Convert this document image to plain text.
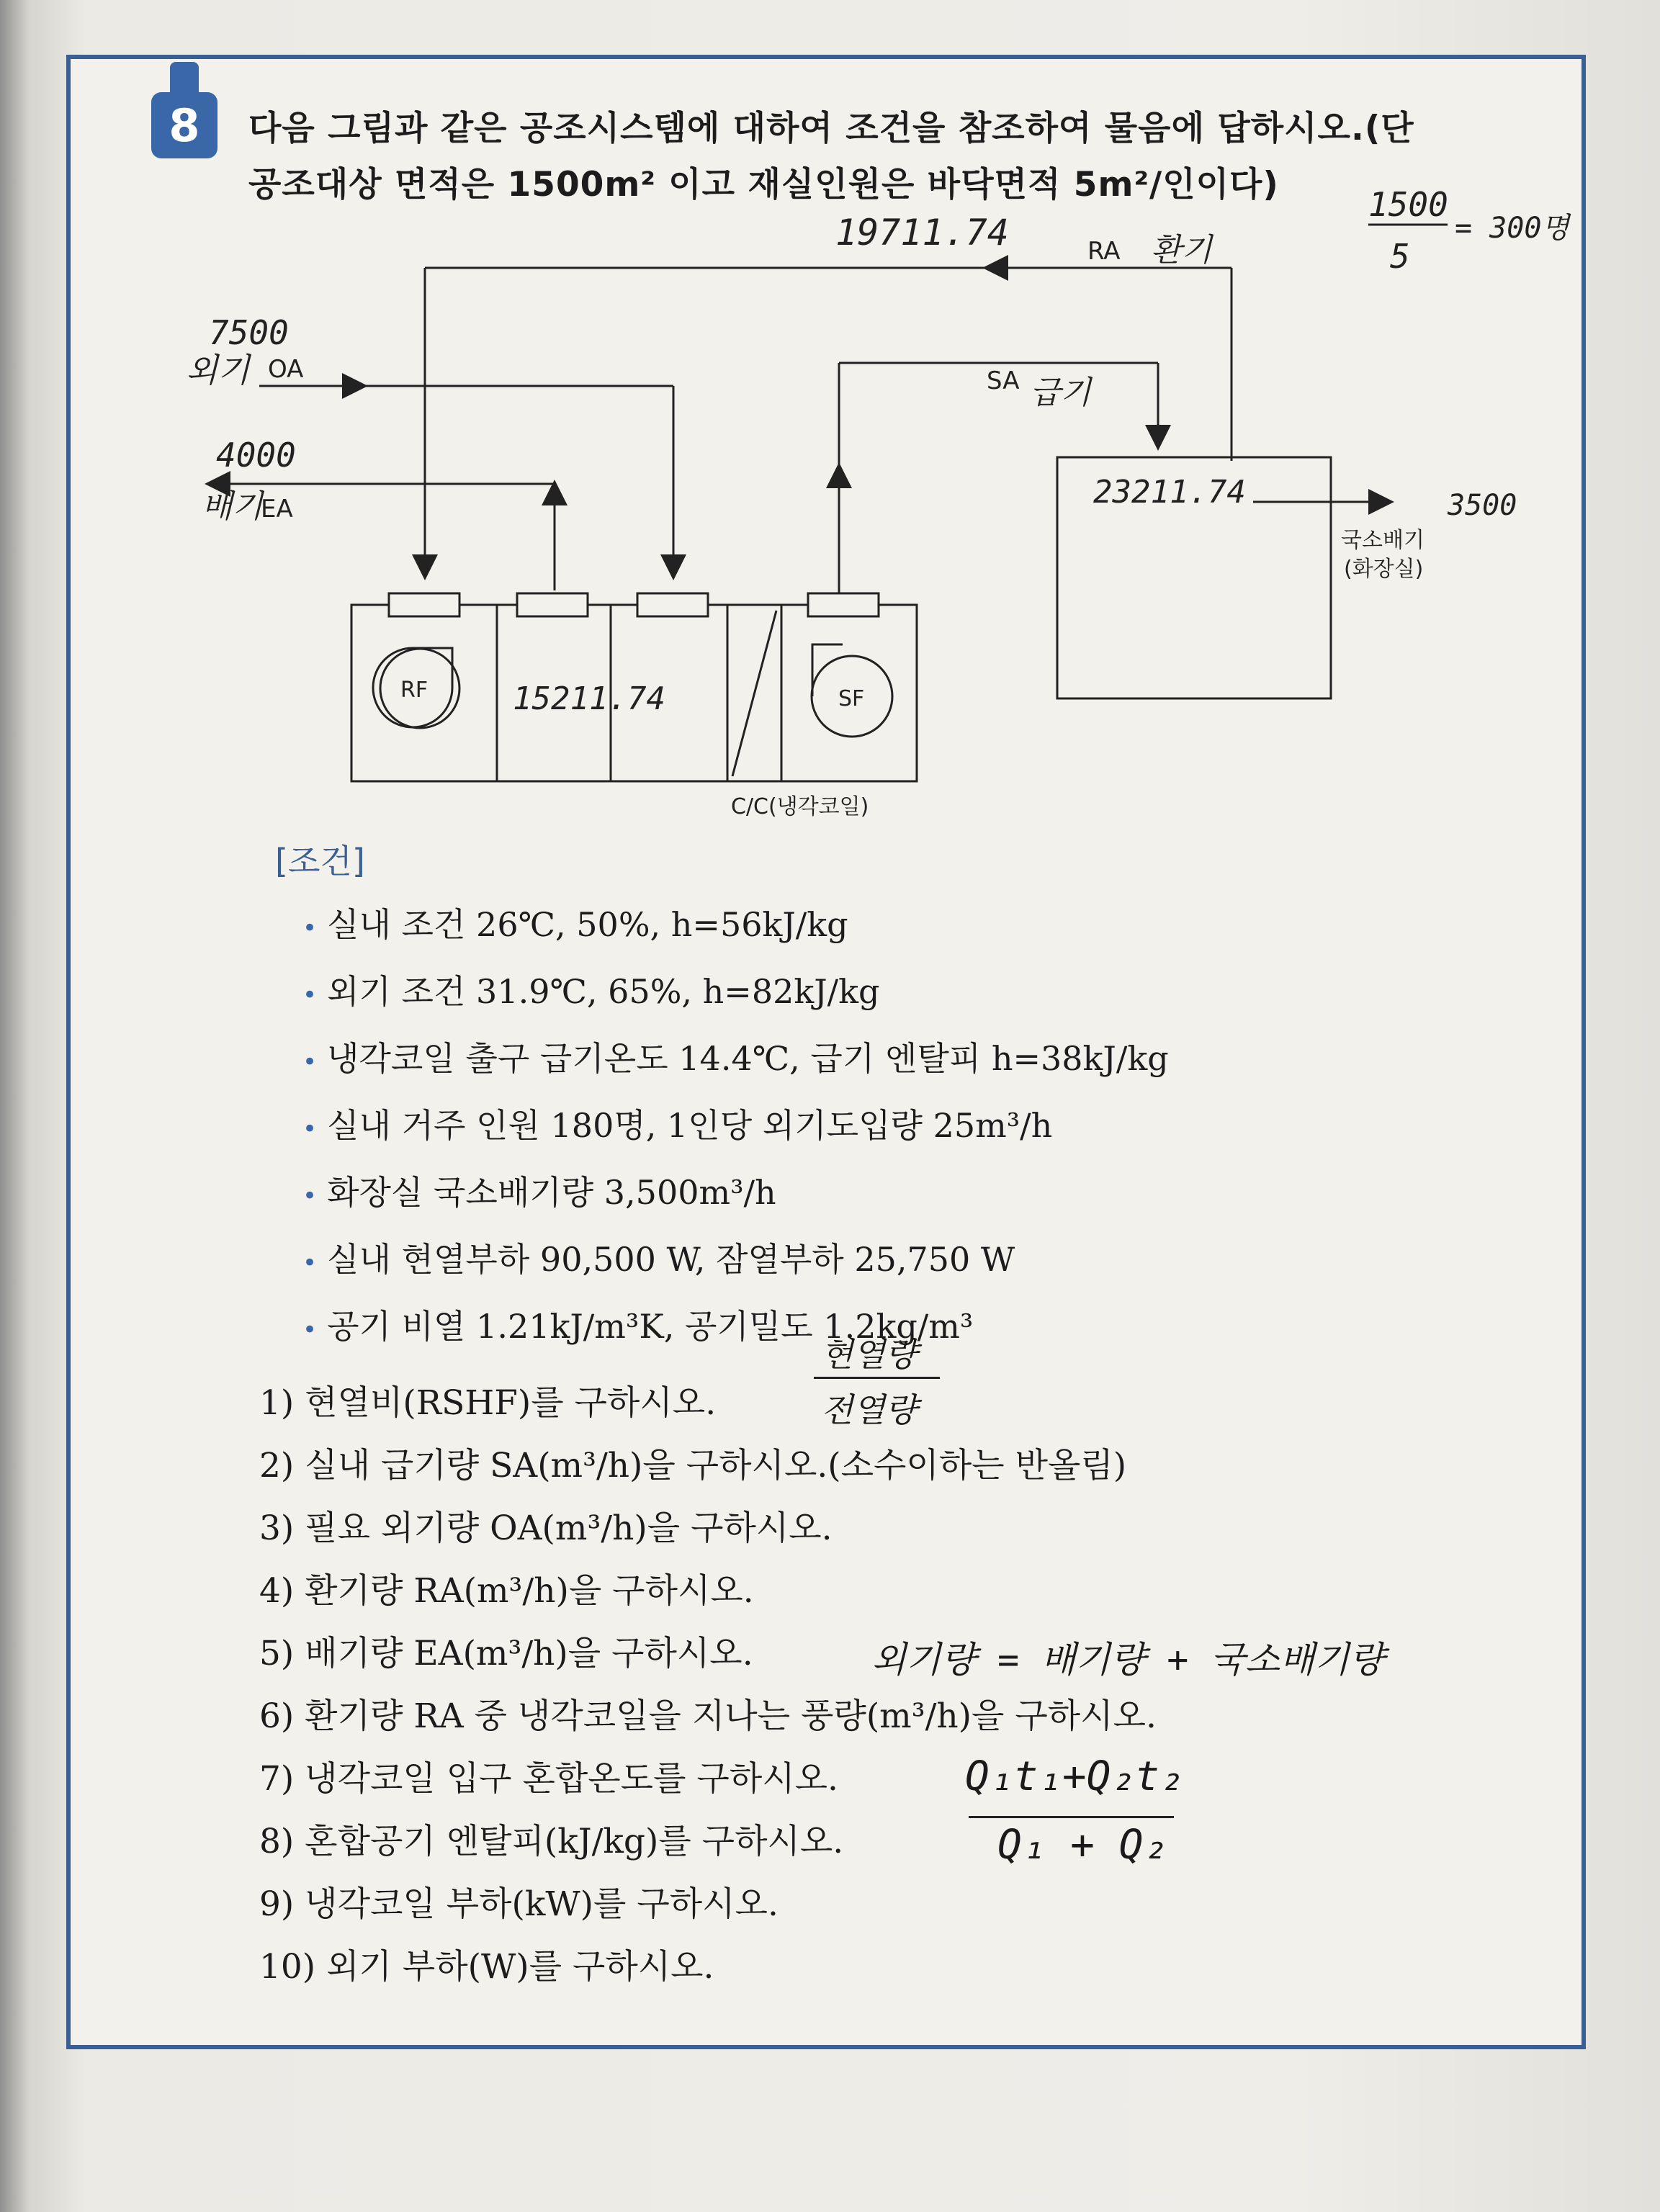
8	다음 그림과 같은 공조시스템에 대하여 조건을 참조하여 물음에 답하시오.(단
공조대상 면적은 1500m² 이고 재실인원은 바닥면적 5m²/인이다)	1500
5
= 300명
RA 환기
19711.74
SA 급기
OA
외기
7500
EA
배기
4000
RF	SF
15211.74
C/C(냉각코일)
23211.74
국소배기
(화장실)
3500
[조건]
• 실내 조건 26℃, 50%, h=56kJ/kg
• 외기 조건 31.9℃, 65%, h=82kJ/kg
• 냉각코일 출구 급기온도 14.4℃, 급기 엔탈피 h=38kJ/kg
• 실내 거주 인원 180명, 1인당 외기도입량 25m³/h
• 화장실 국소배기량 3,500m³/h
• 실내 현열부하 90,500 W, 잠열부하 25,750 W
• 공기 비열 1.21kJ/m³K, 공기밀도 1.2kg/m³
1) 현열비(RSHF)를 구하시오.
2) 실내 급기량 SA(m³/h)을 구하시오.(소수이하는 반올림)
3) 필요 외기량 OA(m³/h)을 구하시오.
4) 환기량 RA(m³/h)을 구하시오.
5) 배기량 EA(m³/h)을 구하시오.
6) 환기량 RA 중 냉각코일을 지나는 풍량(m³/h)을 구하시오.
7) 냉각코일 입구 혼합온도를 구하시오.
8) 혼합공기 엔탈피(kJ/kg)를 구하시오.
9) 냉각코일 부하(kW)를 구하시오.
10) 외기 부하(W)를 구하시오.
현열량
전열량
외기량 = 배기량 + 국소배기량
Q₁t₁+Q₂t₂
Q₁ + Q₂
